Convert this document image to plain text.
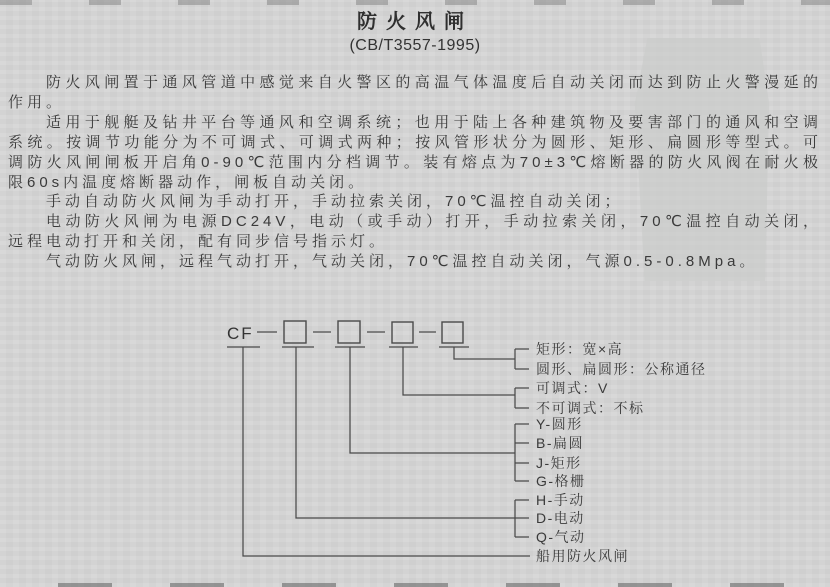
防火风闸
(CB/T3557-1995)

防火风闸置于通风管道中感觉来自火警区的高温气体温度后自动关闭而达到防止火警漫延的作用。

适用于舰艇及钻井平台等通风和空调系统；也用于陆上各种建筑物及要害部门的通风和空调系统。按调节功能分为不可调式、可调式两种；按风管形状分为圆形、矩形、扁圆形等型式。可调防火风闸闸板开启角0-90℃范围内分档调节。装有熔点为70±3℃熔断器的防火风阀在耐火极限60s内温度熔断器动作，闸板自动关闭。

手动自动防火风闸为手动打开，手动拉索关闭，70℃温控自动关闭；

电动防火风闸为电源DC24V，电动（或手动）打开，手动拉索关闭，70℃温控自动关闭，远程电动打开和关闭，配有同步信号指示灯。

气动防火风闸，远程气动打开，气动关闭，70℃温控自动关闭，气源0.5-0.8Mpa。

CF
矩形：宽×高
圆形、扁圆形：公称通径
可调式：V
不可调式：不标
Y-圆形
B-扁圆
J-矩形
G-格栅
H-手动
D-电动
Q-气动
船用防火风闸
